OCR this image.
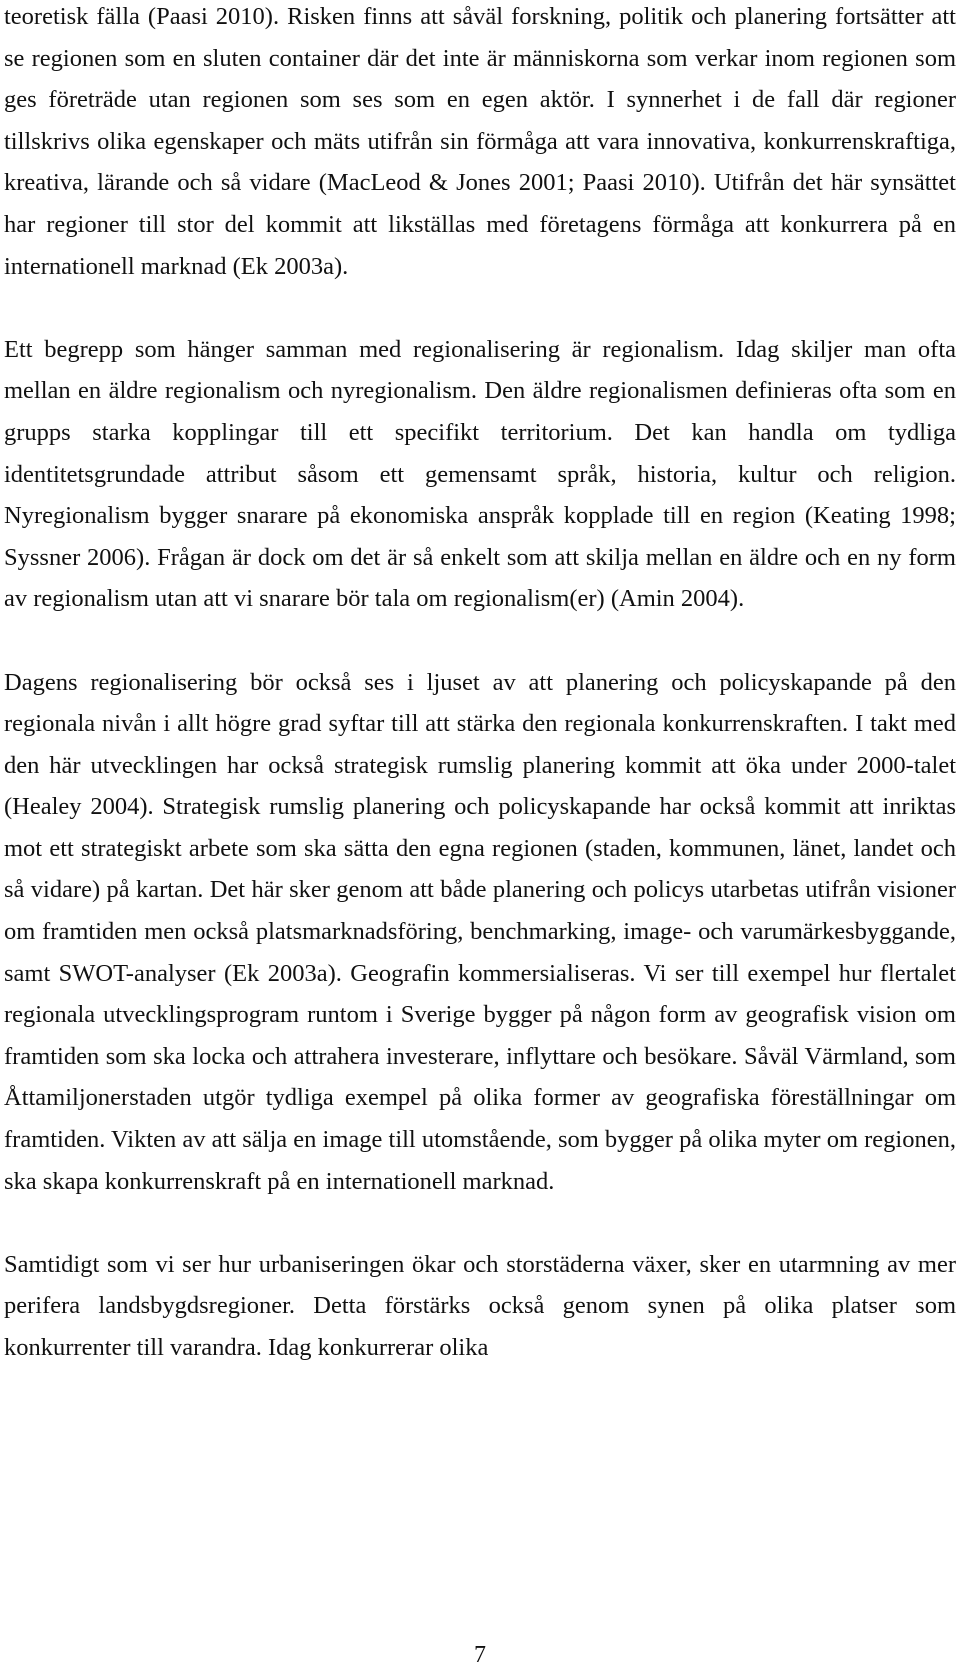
teoretisk fälla (Paasi 2010). Risken finns att såväl forskning, politik och planering fortsätter att se regionen som en sluten container där det inte är människorna som verkar inom regionen som ges företräde utan regionen som ses som en egen aktör. I synnerhet i de fall där regioner tillskrivs olika egenskaper och mäts utifrån sin förmåga att vara innovativa, konkurrenskraftiga, kreativa, lärande och så vidare (MacLeod & Jones 2001; Paasi 2010). Utifrån det här synsättet har regioner till stor del kommit att likställas med företagens förmåga att konkurrera på en internationell marknad (Ek 2003a).

Ett begrepp som hänger samman med regionalisering är regionalism. Idag skiljer man ofta mellan en äldre regionalism och nyregionalism. Den äldre regionalismen definieras ofta som en grupps starka kopplingar till ett specifikt territorium. Det kan handla om tydliga identitetsgrundade attribut såsom ett gemensamt språk, historia, kultur och religion. Nyregionalism bygger snarare på ekonomiska anspråk kopplade till en region (Keating 1998; Syssner 2006). Frågan är dock om det är så enkelt som att skilja mellan en äldre och en ny form av regionalism utan att vi snarare bör tala om regionalism(er) (Amin 2004).

Dagens regionalisering bör också ses i ljuset av att planering och policyskapande på den regionala nivån i allt högre grad syftar till att stärka den regionala konkurrenskraften. I takt med den här utvecklingen har också strategisk rumslig planering kommit att öka under 2000-talet (Healey 2004). Strategisk rumslig planering och policyskapande har också kommit att inriktas mot ett strategiskt arbete som ska sätta den egna regionen (staden, kommunen, länet, landet och så vidare) på kartan. Det här sker genom att både planering och policys utarbetas utifrån visioner om framtiden men också platsmarknadsföring, benchmarking, image- och varumärkesbyggande, samt SWOT-analyser (Ek 2003a). Geografin kommersialiseras. Vi ser till exempel hur flertalet regionala utvecklingsprogram runtom i Sverige bygger på någon form av geografisk vision om framtiden som ska locka och attrahera investerare, inflyttare och besökare. Såväl Värmland, som Åttamiljonerstaden utgör tydliga exempel på olika former av geografiska föreställningar om framtiden. Vikten av att sälja en image till utomstående, som bygger på olika myter om regionen, ska skapa konkurrenskraft på en internationell marknad.

Samtidigt som vi ser hur urbaniseringen ökar och storstäderna växer, sker en utarmning av mer perifera landsbygdsregioner. Detta förstärks också genom synen på olika platser som konkurrenter till varandra. Idag konkurrerar olika

7
